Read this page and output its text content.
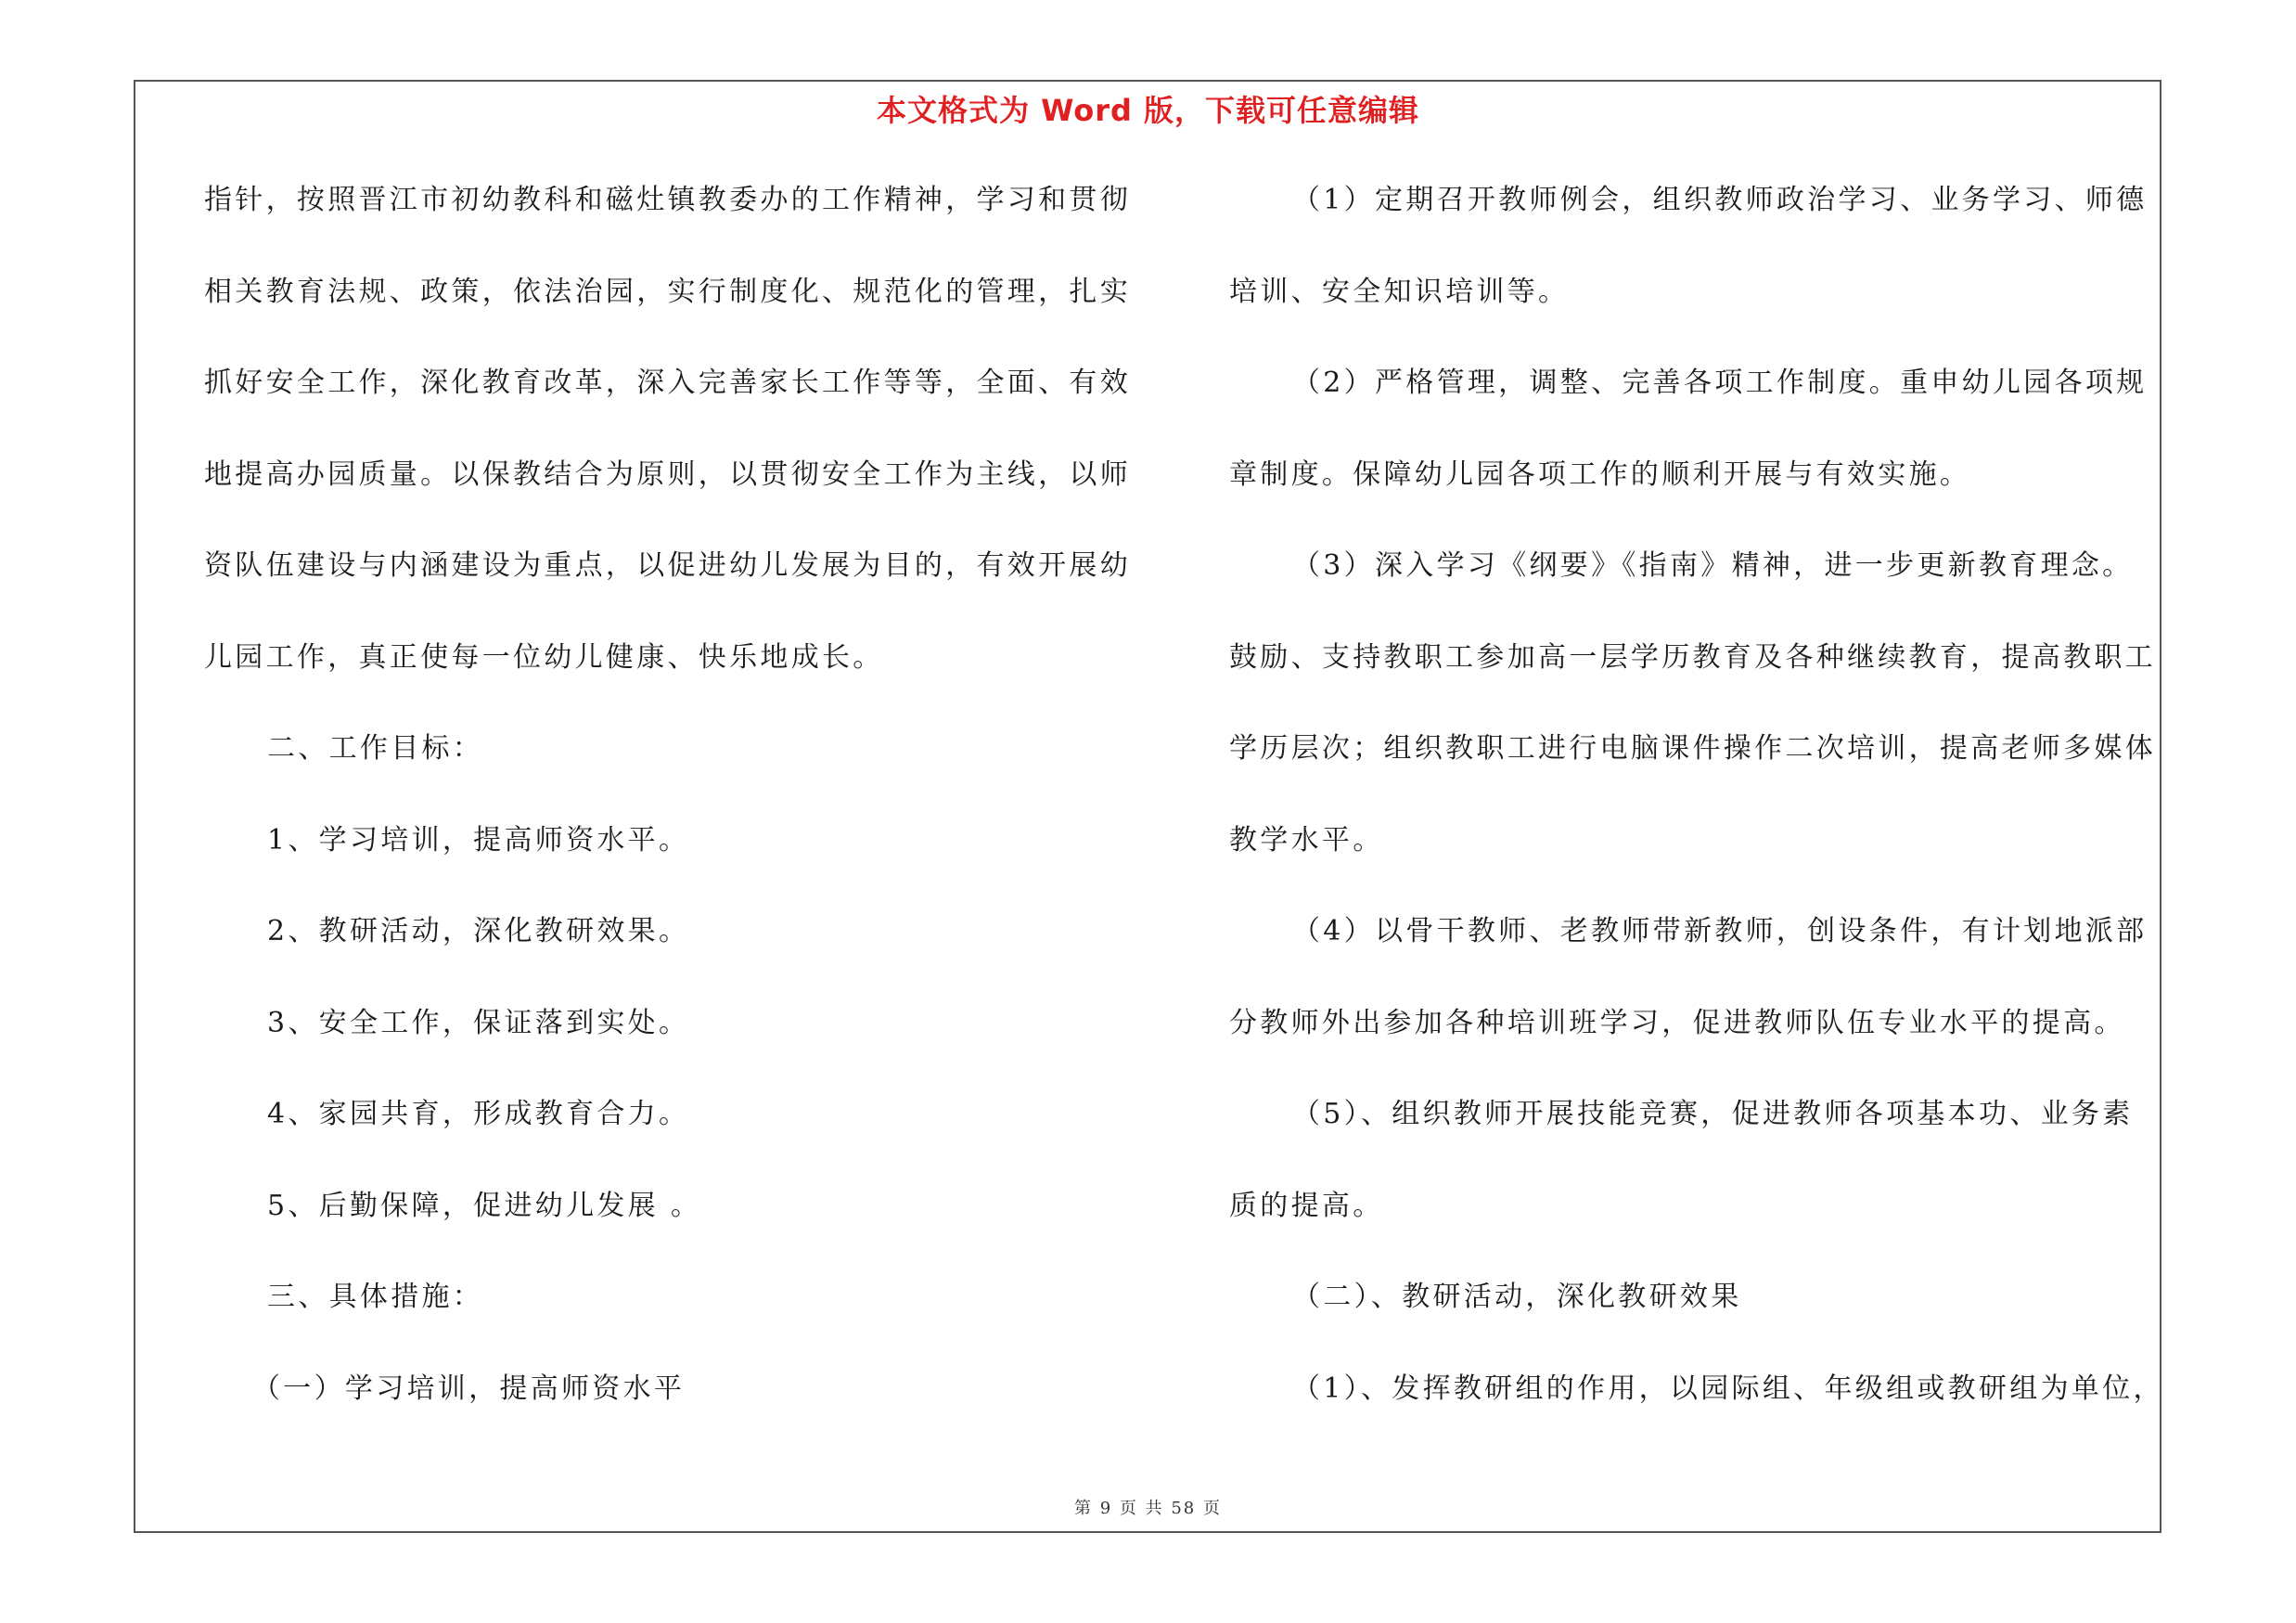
本文格式为 Word 版，下载可任意编辑
指针，按照晋江市初幼教科和磁灶镇教委办的工作精神，学习和贯彻
相关教育法规、政策，依法治园，实行制度化、规范化的管理，扎实
抓好安全工作，深化教育改革，深入完善家长工作等等，全面、有效
地提高办园质量。以保教结合为原则，以贯彻安全工作为主线，以师
资队伍建设与内涵建设为重点，以促进幼儿发展为目的，有效开展幼
儿园工作，真正使每一位幼儿健康、快乐地成长。
二、工作目标：
1、学习培训，提高师资水平。
2、教研活动，深化教研效果。
3、安全工作，保证落到实处。
4、家园共育，形成教育合力。
5、后勤保障，促进幼儿发展 。
三、具体措施：
（一）学习培训，提高师资水平
（1）定期召开教师例会，组织教师政治学习、业务学习、师德
培训、安全知识培训等。
（2）严格管理，调整、完善各项工作制度。重申幼儿园各项规
章制度。保障幼儿园各项工作的顺利开展与有效实施。
（3）深入学习《纲要》《指南》精神，进一步更新教育理念。
鼓励、支持教职工参加高一层学历教育及各种继续教育，提高教职工
学历层次；组织教职工进行电脑课件操作二次培训，提高老师多媒体
教学水平。
（4）以骨干教师、老教师带新教师，创设条件，有计划地派部
分教师外出参加各种培训班学习，促进教师队伍专业水平的提高。
（5）、组织教师开展技能竞赛，促进教师各项基本功、业务素
质的提高。
（二）、教研活动，深化教研效果
（1）、发挥教研组的作用，以园际组、年级组或教研组为单位，
第 9 页 共 58 页
